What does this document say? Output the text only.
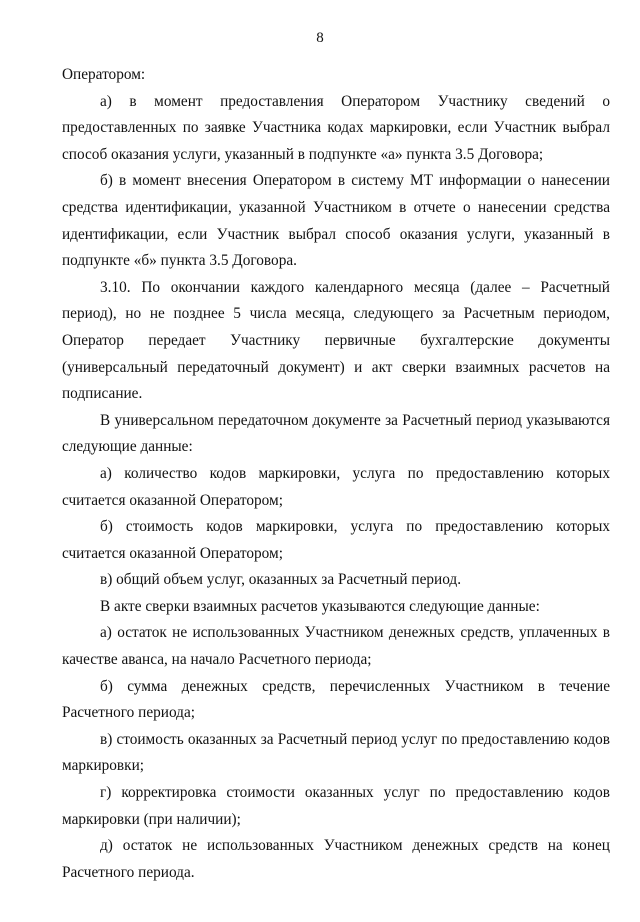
8

Оператором:

а) в момент предоставления Оператором Участнику сведений о предоставленных по заявке Участника кодах маркировки, если Участник выбрал способ оказания услуги, указанный в подпункте «а» пункта 3.5 Договора;

б) в момент внесения Оператором в систему МТ информации о нанесении средства идентификации, указанной Участником в отчете о нанесении средства идентификации, если Участник выбрал способ оказания услуги, указанный в подпункте «б» пункта 3.5 Договора.

3.10. По окончании каждого календарного месяца (далее – Расчетный период), но не позднее 5 числа месяца, следующего за Расчетным периодом, Оператор передает Участнику первичные бухгалтерские документы (универсальный передаточный документ) и акт сверки взаимных расчетов на подписание.

В универсальном передаточном документе за Расчетный период указываются следующие данные:

а) количество кодов маркировки, услуга по предоставлению которых считается оказанной Оператором;

б) стоимость кодов маркировки, услуга по предоставлению которых считается оказанной Оператором;

в) общий объем услуг, оказанных за Расчетный период.

В акте сверки взаимных расчетов указываются следующие данные:

а) остаток не использованных Участником денежных средств, уплаченных в качестве аванса, на начало Расчетного периода;

б) сумма денежных средств, перечисленных Участником в течение Расчетного периода;

в) стоимость оказанных за Расчетный период услуг по предоставлению кодов маркировки;

г) корректировка стоимости оказанных услуг по предоставлению кодов маркировки (при наличии);

д) остаток не использованных Участником денежных средств на конец Расчетного периода.
